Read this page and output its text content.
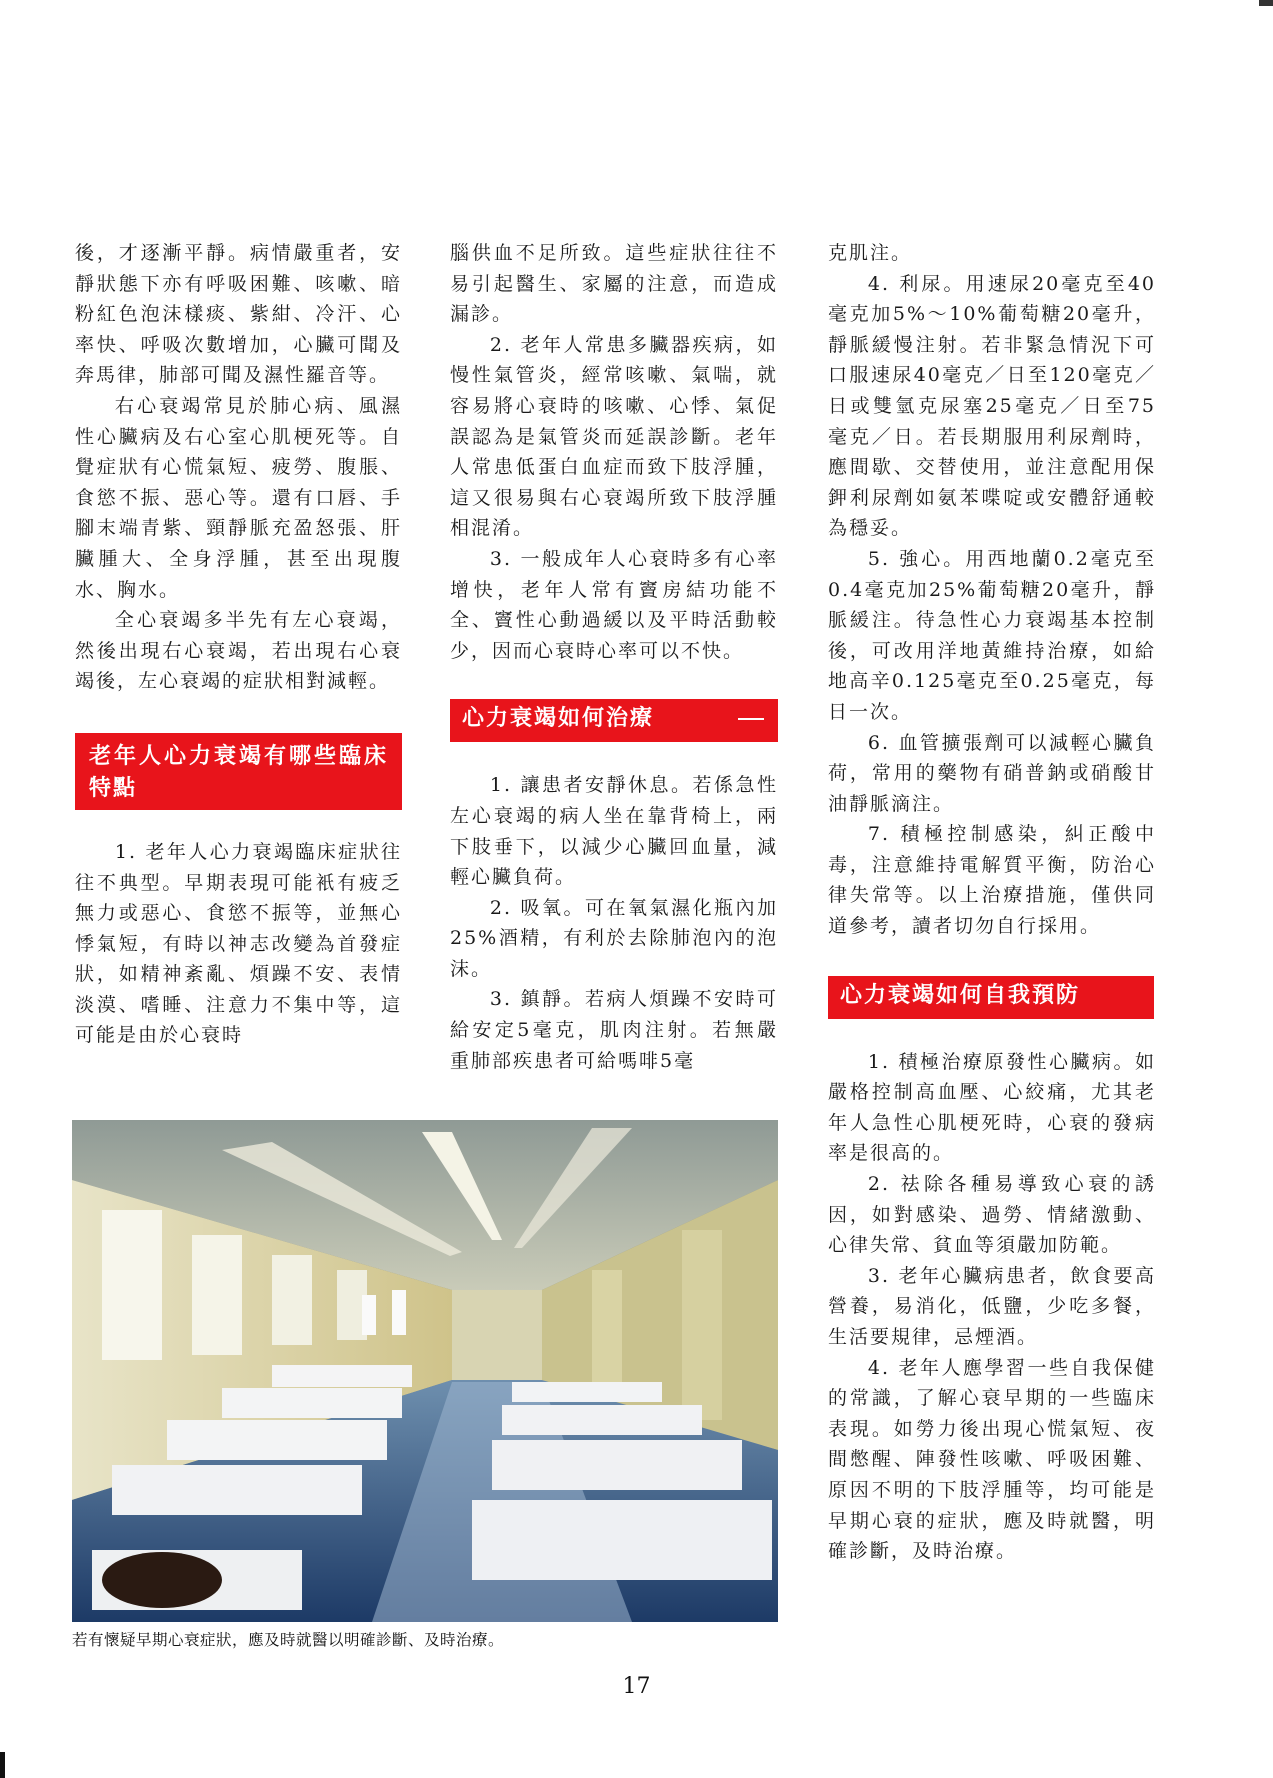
後，才逐漸平靜。病情嚴重者，安靜狀態下亦有呼吸困難、咳嗽、暗粉紅色泡沫樣痰、紫紺、冷汗、心率快、呼吸次數增加，心臟可聞及奔馬律，肺部可聞及濕性羅音等。

右心衰竭常見於肺心病、風濕性心臟病及右心室心肌梗死等。自覺症狀有心慌氣短、疲勞、腹脹、食慾不振、惡心等。還有口唇、手腳末端青紫、頸靜脈充盈怒張、肝臟腫大、全身浮腫，甚至出現腹水、胸水。

全心衰竭多半先有左心衰竭，然後出現右心衰竭，若出現右心衰竭後，左心衰竭的症狀相對減輕。

老年人心力衰竭有哪些臨床特點

1. 老年人心力衰竭臨床症狀往往不典型。早期表現可能衹有疲乏無力或惡心、食慾不振等，並無心悸氣短，有時以神志改變為首發症狀，如精神紊亂、煩躁不安、表情淡漠、嗜睡、注意力不集中等，這可能是由於心衰時

腦供血不足所致。這些症狀往往不易引起醫生、家屬的注意，而造成漏診。

2. 老年人常患多臟器疾病，如慢性氣管炎，經常咳嗽、氣喘，就容易將心衰時的咳嗽、心悸、氣促誤認為是氣管炎而延誤診斷。老年人常患低蛋白血症而致下肢浮腫，這又很易與右心衰竭所致下肢浮腫相混淆。

3. 一般成年人心衰時多有心率增快，老年人常有竇房結功能不全、竇性心動過緩以及平時活動較少，因而心衰時心率可以不快。

心力衰竭如何治療

1. 讓患者安靜休息。若係急性左心衰竭的病人坐在靠背椅上，兩下肢垂下，以減少心臟回血量，減輕心臟負荷。

2. 吸氧。可在氧氣濕化瓶內加25%酒精，有利於去除肺泡內的泡沫。

3. 鎮靜。若病人煩躁不安時可給安定5毫克，肌肉注射。若無嚴重肺部疾患者可給嗎啡5毫

克肌注。

4. 利尿。用速尿20毫克至40毫克加5%～10%葡萄糖20毫升，靜脈緩慢注射。若非緊急情況下可口服速尿40毫克／日至120毫克／日或雙氫克尿塞25毫克／日至75毫克／日。若長期服用利尿劑時，應間歇、交替使用，並注意配用保鉀利尿劑如氨苯喋啶或安體舒通較為穩妥。

5. 強心。用西地蘭0.2毫克至0.4毫克加25%葡萄糖20毫升，靜脈緩注。待急性心力衰竭基本控制後，可改用洋地黃維持治療，如給地高辛0.125毫克至0.25毫克，每日一次。

6. 血管擴張劑可以減輕心臟負荷，常用的藥物有硝普鈉或硝酸甘油靜脈滴注。

7. 積極控制感染，糾正酸中毒，注意維持電解質平衡，防治心律失常等。以上治療措施，僅供同道參考，讀者切勿自行採用。

心力衰竭如何自我預防

1. 積極治療原發性心臟病。如嚴格控制高血壓、心絞痛，尤其老年人急性心肌梗死時，心衰的發病率是很高的。

2. 祛除各種易導致心衰的誘因，如對感染、過勞、情緒激動、心律失常、貧血等須嚴加防範。

3. 老年心臟病患者，飲食要高營養，易消化，低鹽，少吃多餐，生活要規律，忌煙酒。

4. 老年人應學習一些自我保健的常識，了解心衰早期的一些臨床表現。如勞力後出現心慌氣短、夜間憋醒、陣發性咳嗽、呼吸困難、原因不明的下肢浮腫等，均可能是早期心衰的症狀，應及時就醫，明確診斷，及時治療。

若有懷疑早期心衰症狀，應及時就醫以明確診斷、及時治療。
17
